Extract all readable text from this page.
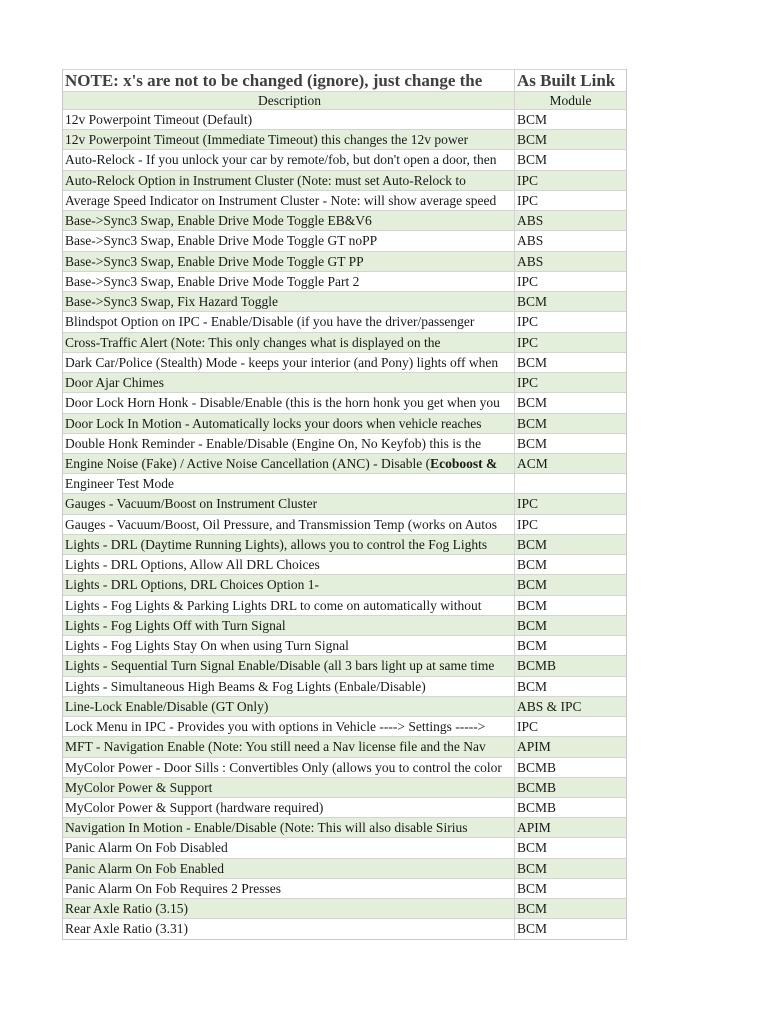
NOTE: x's are not to be changed (ignore), just change the	As Built Link
Description	Module
12v Powerpoint Timeout (Default)	BCM
12v Powerpoint Timeout (Immediate Timeout) this changes the 12v power	BCM
Auto-Relock - If you unlock your car by remote/fob, but don't open a door, then	BCM
Auto-Relock Option in Instrument Cluster (Note: must set Auto-Relock to	IPC
Average Speed Indicator on Instrument Cluster - Note: will show average speed	IPC
Base->Sync3 Swap, Enable Drive Mode Toggle EB&V6	ABS
Base->Sync3 Swap, Enable Drive Mode Toggle GT noPP	ABS
Base->Sync3 Swap, Enable Drive Mode Toggle GT PP	ABS
Base->Sync3 Swap, Enable Drive Mode Toggle Part 2	IPC
Base->Sync3 Swap, Fix Hazard Toggle	BCM
Blindspot Option on IPC - Enable/Disable (if you have the driver/passenger	IPC
Cross-Traffic Alert (Note: This only changes what is displayed on the	IPC
Dark Car/Police (Stealth) Mode - keeps your interior (and Pony) lights off when	BCM
Door Ajar Chimes	IPC
Door Lock Horn Honk - Disable/Enable (this is the horn honk you get when you	BCM
Door Lock In Motion - Automatically locks your doors when vehicle reaches	BCM
Double Honk Reminder - Enable/Disable (Engine On, No Keyfob) this is the	BCM
Engine Noise (Fake) / Active Noise Cancellation (ANC) - Disable (Ecoboost &	ACM
Engineer Test Mode
Gauges - Vacuum/Boost on Instrument Cluster	IPC
Gauges - Vacuum/Boost, Oil Pressure, and Transmission Temp (works on Autos	IPC
Lights - DRL (Daytime Running Lights), allows you to control the Fog Lights	BCM
Lights - DRL Options, Allow All DRL Choices	BCM
Lights - DRL Options, DRL Choices Option 1-	BCM
Lights - Fog Lights & Parking Lights DRL to come on automatically without	BCM
Lights - Fog Lights Off with Turn Signal	BCM
Lights - Fog Lights Stay On when using Turn Signal	BCM
Lights - Sequential Turn Signal Enable/Disable (all 3 bars light up at same time	BCMB
Lights - Simultaneous High Beams & Fog Lights (Enbale/Disable)	BCM
Line-Lock Enable/Disable (GT Only)	ABS & IPC
Lock Menu in IPC - Provides you with options in Vehicle ----> Settings ----->	IPC
MFT - Navigation Enable (Note: You still need a Nav license file and the Nav	APIM
MyColor Power - Door Sills : Convertibles Only (allows you to control the color	BCMB
MyColor Power & Support	BCMB
MyColor Power & Support (hardware required)	BCMB
Navigation In Motion - Enable/Disable (Note: This will also disable Sirius	APIM
Panic Alarm On Fob Disabled	BCM
Panic Alarm On Fob Enabled	BCM
Panic Alarm On Fob Requires 2 Presses	BCM
Rear Axle Ratio (3.15)	BCM
Rear Axle Ratio (3.31)	BCM
